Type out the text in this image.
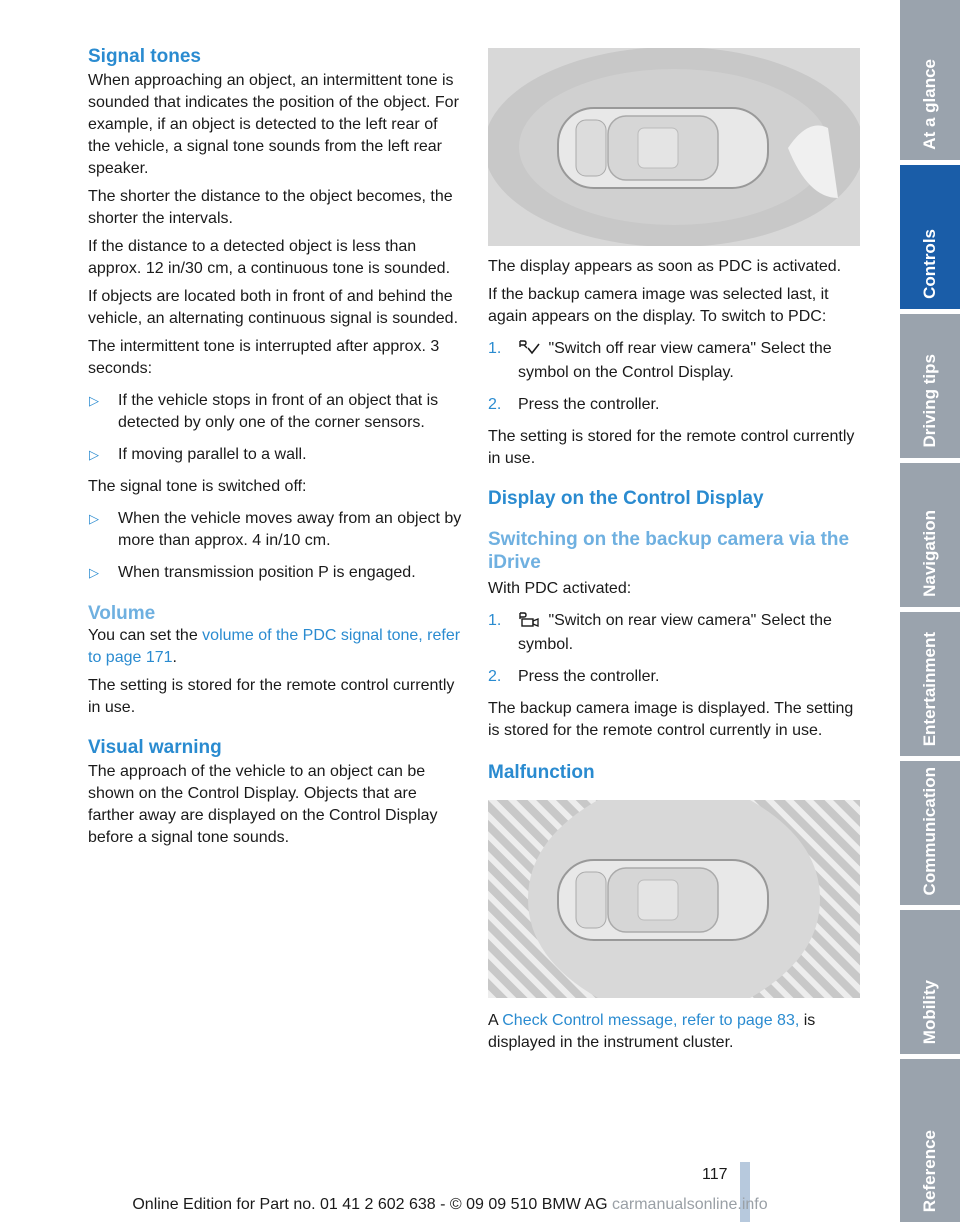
Signal tones

When approaching an object, an intermittent tone is sounded that indicates the position of the object. For example, if an object is detected to the left rear of the vehicle, a signal tone sounds from the left rear speaker.

The shorter the distance to the object becomes, the shorter the intervals.

If the distance to a detected object is less than approx. 12 in/30 cm, a continuous tone is sounded.

If objects are located both in front of and behind the vehicle, an alternating continuous signal is sounded.

The intermittent tone is interrupted after approx. 3 seconds:

▷ If the vehicle stops in front of an object that is detected by only one of the corner sensors.
▷ If moving parallel to a wall.

The signal tone is switched off:

▷ When the vehicle moves away from an object by more than approx. 4 in/10 cm.
▷ When transmission position P is engaged.
Volume

You can set the volume of the PDC signal tone, refer to page 171.

The setting is stored for the remote control currently in use.

Visual warning

The approach of the vehicle to an object can be shown on the Control Display. Objects that are farther away are displayed on the Control Display before a signal tone sounds.

The display appears as soon as PDC is activated.

If the backup camera image was selected last, it again appears on the display. To switch to PDC:

1.	"Switch off rear view camera" Select the symbol on the Control Display.
2. Press the controller.

The setting is stored for the remote control currently in use.

Display on the Control Display
Switching on the backup camera via the iDrive

With PDC activated:

1.	"Switch on rear view camera" Select the symbol.
2. Press the controller.

The backup camera image is displayed. The setting is stored for the remote control currently in use.

Malfunction

A Check Control message, refer to page 83, is displayed in the instrument cluster.

At a glance
Controls
Driving tips
Navigation
Entertainment
Communication
Mobility
Reference
117
Online Edition for Part no. 01 41 2 602 638 - © 09 09 510 BMW AG carmanualsonline.info
